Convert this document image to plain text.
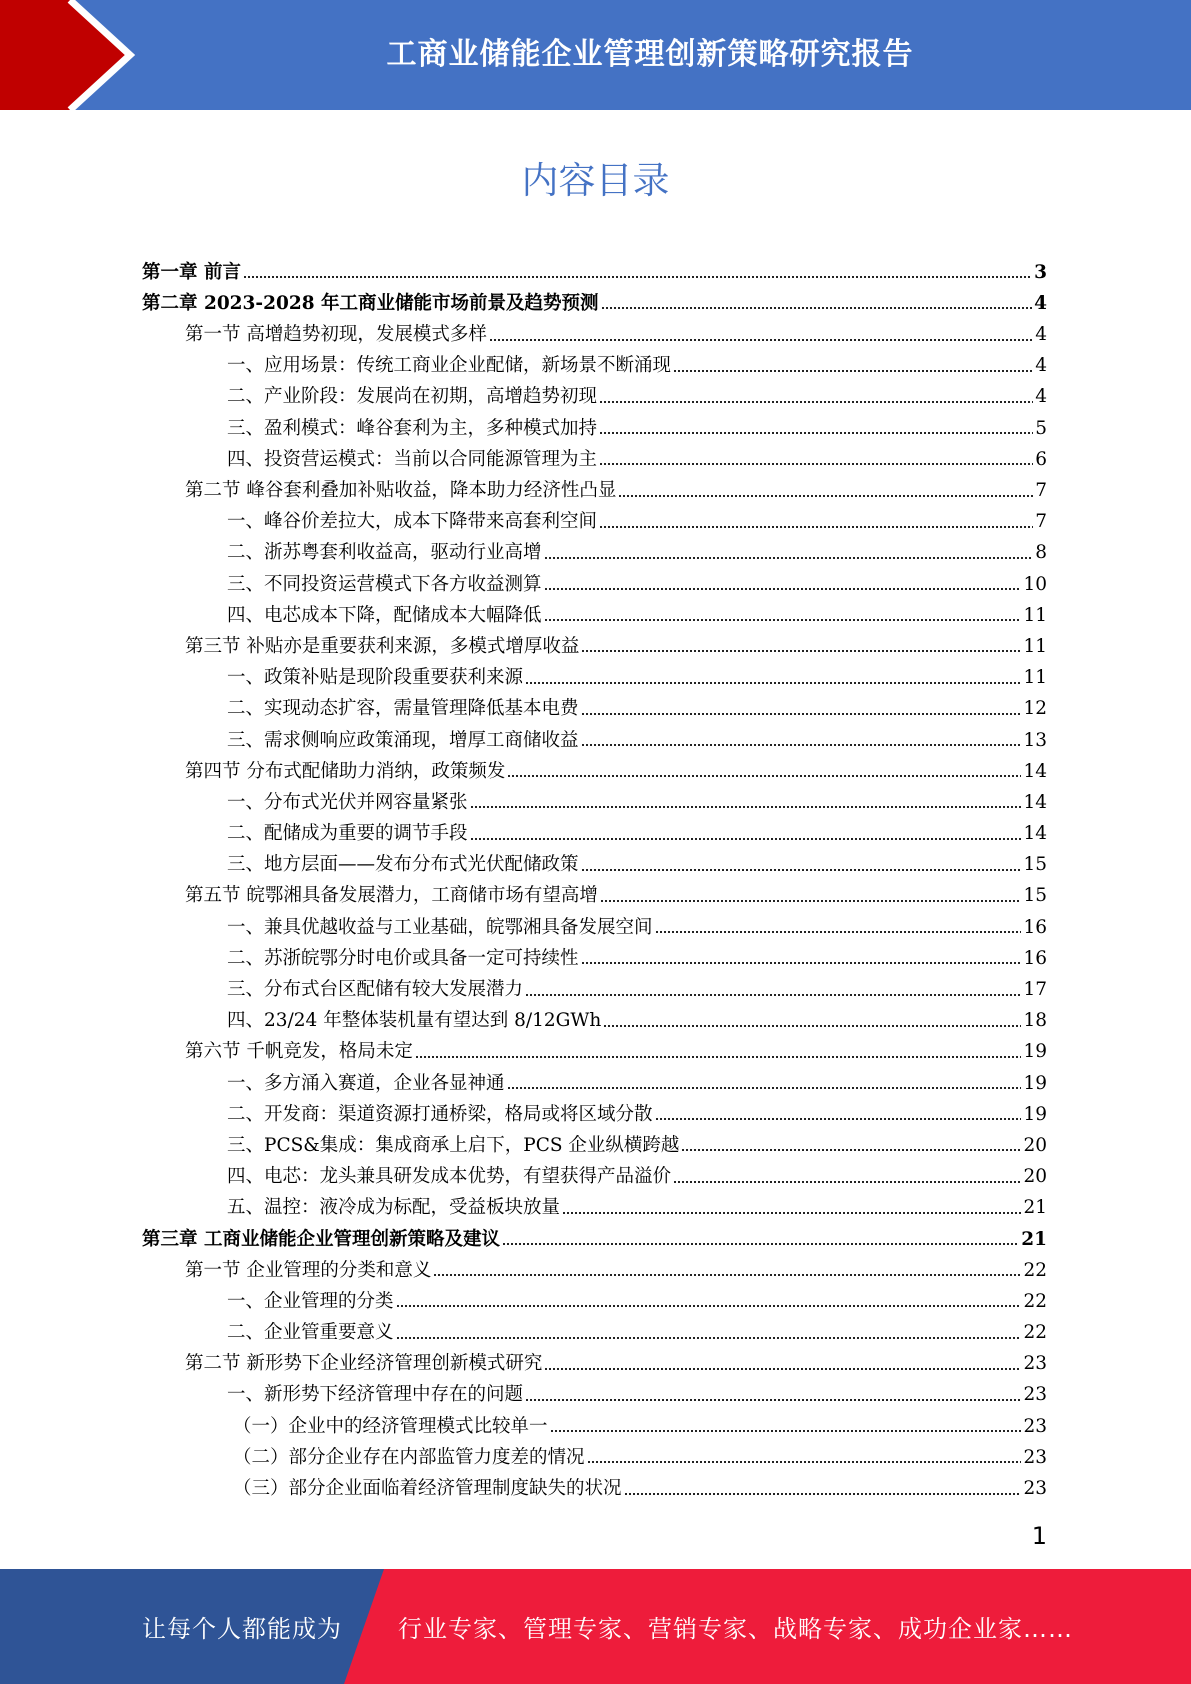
工商业储能企业管理创新策略研究报告
内容目录
第一章 前言	3
第二章 2023-2028 年工商业储能市场前景及趋势预测	4
第一节 高增趋势初现，发展模式多样	4
一、应用场景：传统工商业企业配储，新场景不断涌现	4
二、产业阶段：发展尚在初期，高增趋势初现	4
三、盈利模式：峰谷套利为主，多种模式加持	5
四、投资营运模式：当前以合同能源管理为主	6
第二节 峰谷套利叠加补贴收益，降本助力经济性凸显	7
一、峰谷价差拉大，成本下降带来高套利空间	7
二、浙苏粤套利收益高，驱动行业高增	8
三、不同投资运营模式下各方收益测算	10
四、电芯成本下降，配储成本大幅降低	11
第三节 补贴亦是重要获利来源，多模式增厚收益	11
一、政策补贴是现阶段重要获利来源	11
二、实现动态扩容，需量管理降低基本电费	12
三、需求侧响应政策涌现，增厚工商储收益	13
第四节 分布式配储助力消纳，政策频发	14
一、分布式光伏并网容量紧张	14
二、配储成为重要的调节手段	14
三、地方层面——发布分布式光伏配储政策	15
第五节 皖鄂湘具备发展潜力，工商储市场有望高增	15
一、兼具优越收益与工业基础，皖鄂湘具备发展空间	16
二、苏浙皖鄂分时电价或具备一定可持续性	16
三、分布式台区配储有较大发展潜力	17
四、23/24 年整体装机量有望达到 8/12GWh	18
第六节 千帆竞发，格局未定	19
一、多方涌入赛道，企业各显神通	19
二、开发商：渠道资源打通桥梁，格局或将区域分散	19
三、PCS&集成：集成商承上启下，PCS 企业纵横跨越	20
四、电芯：龙头兼具研发成本优势，有望获得产品溢价	20
五、温控：液冷成为标配，受益板块放量	21
第三章 工商业储能企业管理创新策略及建议	21
第一节 企业管理的分类和意义	22
一、企业管理的分类	22
二、企业管重要意义	22
第二节 新形势下企业经济管理创新模式研究	23
一、新形势下经济管理中存在的问题	23
（一）企业中的经济管理模式比较单一	23
（二）部分企业存在内部监管力度差的情况	23
（三）部分企业面临着经济管理制度缺失的状况	23
1
让每个人都能成为 行业专家、管理专家、营销专家、战略专家、成功企业家……
